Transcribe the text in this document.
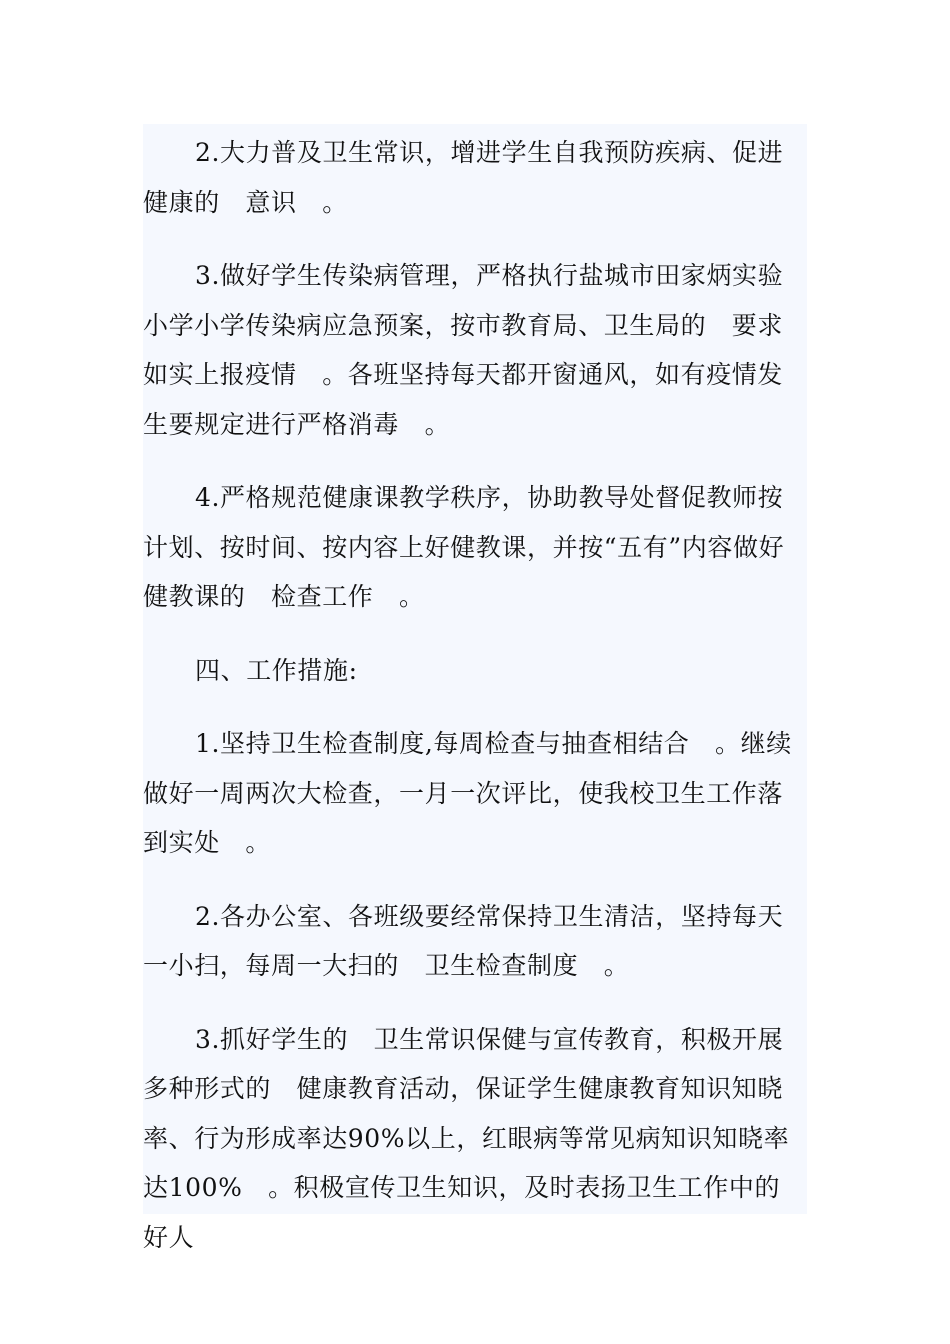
2.大力普及卫生常识，增进学生自我预防疾病、促进健康的　意识　。

3.做好学生传染病管理，严格执行盐城市田家炳实验小学小学传染病应急预案，按市教育局、卫生局的　要求如实上报疫情　。各班坚持每天都开窗通风，如有疫情发生要规定进行严格消毒　。

4.严格规范健康课教学秩序，协助教导处督促教师按计划、按时间、按内容上好健教课，并按“五有”内容做好健教课的　检查工作　。

四、工作措施:

1.坚持卫生检查制度,每周检查与抽查相结合　。继续做好一周两次大检查，一月一次评比，使我校卫生工作落到实处　。

2.各办公室、各班级要经常保持卫生清洁，坚持每天一小扫，每周一大扫的　卫生检查制度　。

3.抓好学生的　卫生常识保健与宣传教育，积极开展多种形式的　健康教育活动，保证学生健康教育知识知晓率、行为形成率达90%以上，红眼病等常见病知识知晓率达100%　。积极宣传卫生知识，及时表扬卫生工作中的　好人
